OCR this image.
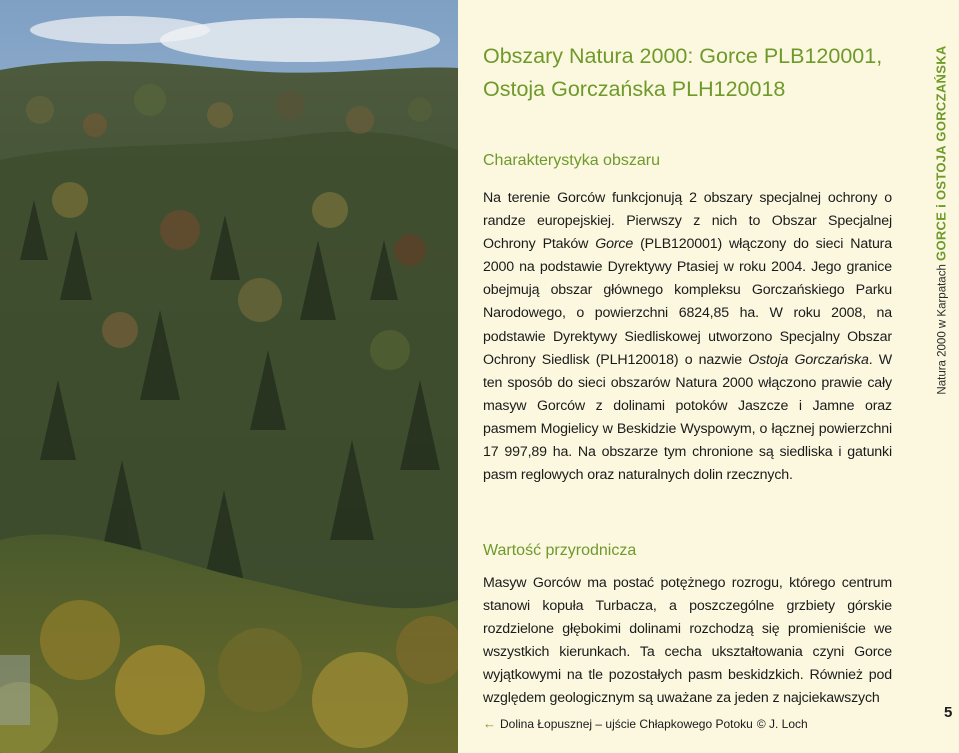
Obszary Natura 2000: Gorce PLB120001,
Ostoja Gorczańska PLH120018
Charakterystyka obszaru

Na terenie Gorców funkcjonują 2 obszary specjalnej ochrony o randze europejskiej. Pierwszy z nich to Obszar Specjalnej Ochrony Ptaków Gorce (PLB120001) włączony do sieci Natura 2000 na podstawie Dyrektywy Ptasiej w roku 2004. Jego granice obejmują obszar głównego kompleksu Gorczańskiego Parku Narodowego, o powierzchni 6824,85 ha. W roku 2008, na podstawie Dyrektywy Siedliskowej utworzono Specjalny Obszar Ochrony Siedlisk (PLH120018) o nazwie Ostoja Gorczańska. W ten sposób do sieci obszarów Natura 2000 włączono prawie cały masyw Gorców z dolinami potoków Jaszcze i Jamne oraz pasmem Mogielicy w Beskidzie Wyspowym, o łącznej powierzchni 17 997,89 ha. Na obszarze tym chronione są siedliska i gatunki pasm reglowych oraz naturalnych dolin rzecznych.

Wartość przyrodnicza

Masyw Gorców ma postać potężnego rozrogu, którego centrum stanowi kopuła Turbacza, a poszczególne grzbiety górskie rozdzielone głębokimi dolinami rozchodzą się promieniście we wszystkich kierunkach. Ta cecha ukształtowania czyni Gorce wyjątkowymi na tle pozostałych pasm beskidzkich. Również pod względem geologicznym są uważane za jeden z najciekawszych

← Dolina Łopusznej – ujście Chłapkowego Potoku © J. Loch

Natura 2000 w Karpatach GORCE i OSTOJA GORCZAŃSKA

5
